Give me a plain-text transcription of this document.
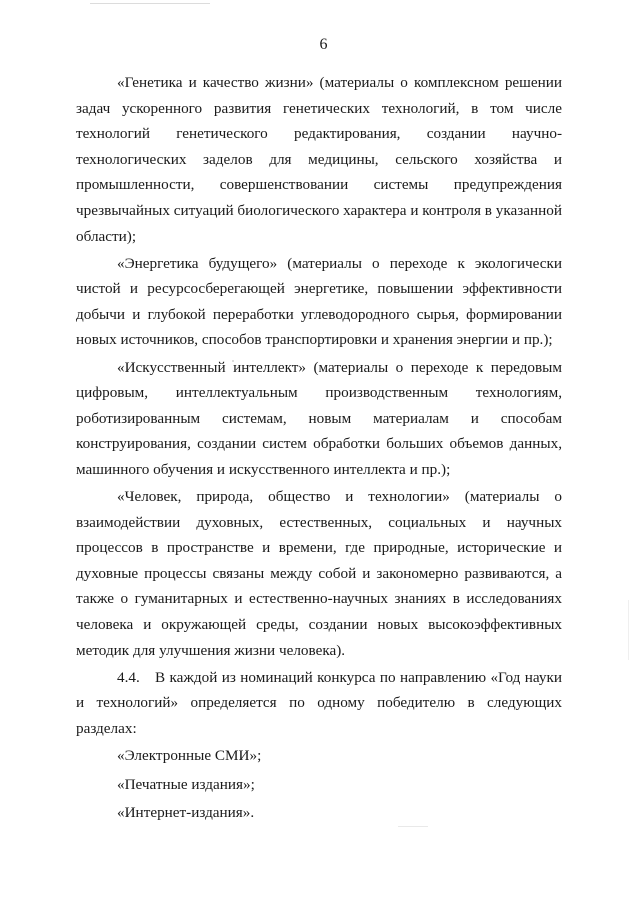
6

«Генетика и качество жизни» (материалы о комплексном решении задач ускоренного развития генетических технологий, в том числе технологий генетического редактирования, создании научно-технологических заделов для медицины, сельского хозяйства и промышленности, совершенствовании системы предупреждения чрезвычайных ситуаций биологического характера и контроля в указанной области);

«Энергетика будущего» (материалы о переходе к экологически чистой и ресурсосберегающей энергетике, повышении эффективности добычи и глубокой переработки углеводородного сырья, формировании новых источников, способов транспортировки и хранения энергии и пр.);

«Искусственный интеллект» (материалы о переходе к передовым цифровым, интеллектуальным производственным технологиям, роботизированным системам, новым материалам и способам конструирования, создании систем обработки больших объемов данных, машинного обучения и искусственного интеллекта и пр.);

«Человек, природа, общество и технологии» (материалы о взаимодействии духовных, естественных, социальных и научных процессов в пространстве и времени, где природные, исторические и духовные процессы связаны между собой и закономерно развиваются, а также о гуманитарных и естественно-научных знаниях в исследованиях человека и окружающей среды, создании новых высокоэффективных методик для улучшения жизни человека).

4.4. В каждой из номинаций конкурса по направлению «Год науки и технологий» определяется по одному победителю в следующих разделах:

«Электронные СМИ»;

«Печатные издания»;

«Интернет-издания».
